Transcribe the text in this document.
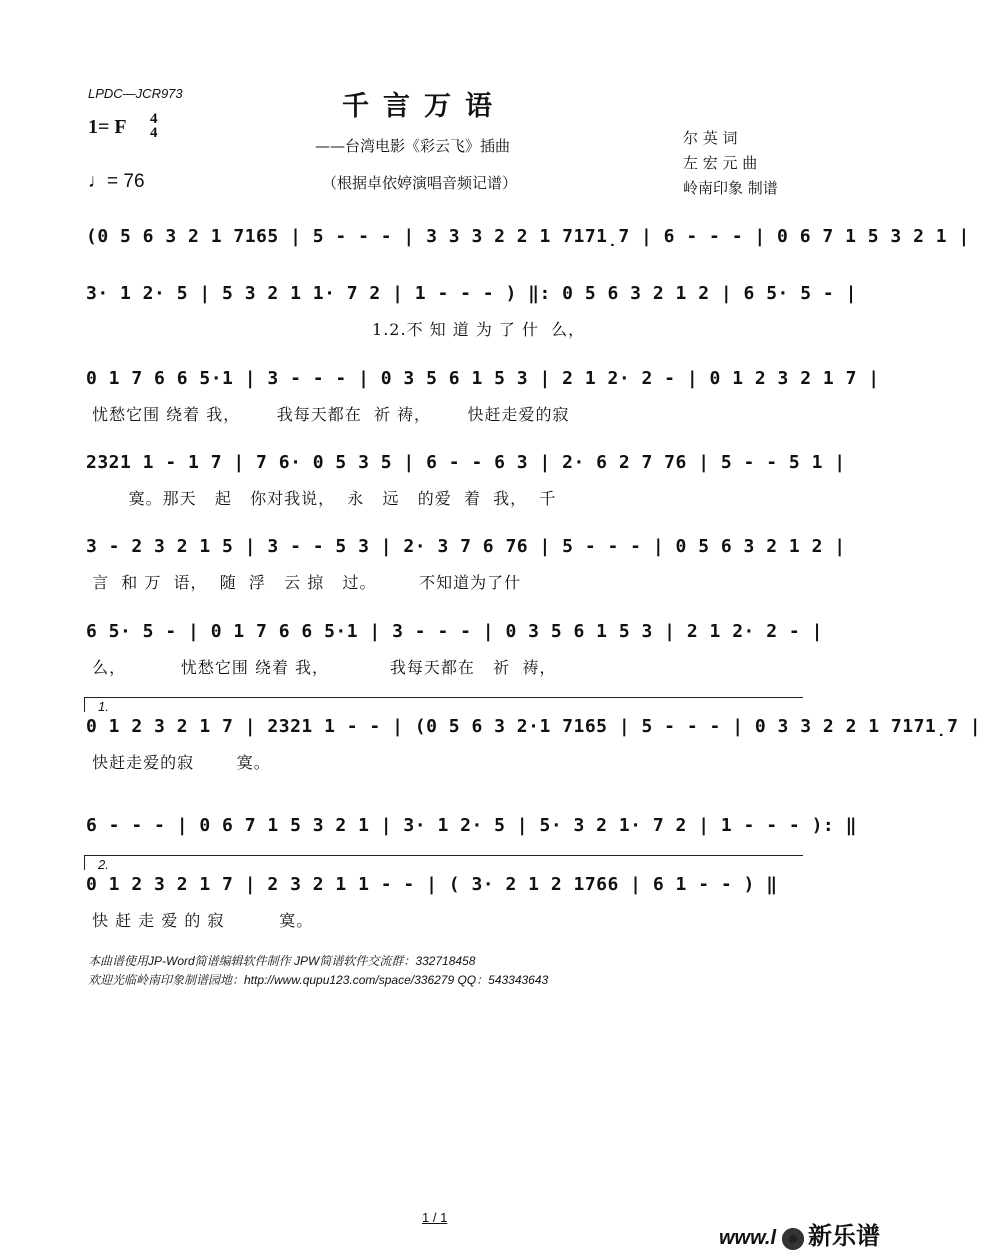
LPDC—JCR973	千言万语
1= F 4
4
——台湾电影《彩云飞》插曲
（根据卓依婷演唱音频记谱）
♩= 76
尔 英 词
左 宏 元 曲
岭南印象 制谱
(0 5 6 3 2 1 7165 | 5 - - - | 3 3 3 2 2 1 7171̣7 | 6 - - - | 0 6 7 1 5 3 2 1 |
3· 1 2· 5 | 5 3 2 1 1· 7 2 | 1 - - - ) ‖: 0 5 6 3 2 1 2 | 6 5· 5 - |
1.2.不 知 道 为 了 什  么，
0 1 7 6 6 5·1 | 3 - - - | 0 3 5 6 1 5 3 | 2 1 2· 2 - | 0 1 2 3 2 1 7 |
忧愁它围 绕着 我，      我每天都在  祈 祷，      快赶走爱的寂
2321 1 - 1 7 | 7 6· 0 5 3 5 | 6 - - 6 3 | 2· 6 2 7 76 | 5 - - 5 1 |
寞。那天   起   你对我说，  永   远   的爱  着  我，  千
3 - 2 3 2 1 5 | 3 - - 5 3 | 2· 3 7 6 76 | 5 - - - | 0 5 6 3 2 1 2 |
言  和 万  语，  随  浮   云 掠   过。       不知道为了什
6 5· 5 - | 0 1 7 6 6 5·1 | 3 - - - | 0 3 5 6 1 5 3 | 2 1 2· 2 - |
么，         忧愁它围 绕着 我，          我每天都在   祈  祷，
0 1 2 3 2 1 7 | 2321 1 - - | (0 5 6 3 2·1 7165 | 5 - - - | 0 3 3 2 2 1 7171̣7 |
快赶走爱的寂       寞。
6 - - - | 0 6 7 1 5 3 2 1 | 3· 1 2· 5 | 5· 3 2 1· 7 2 | 1 - - - ): ‖
0 1 2 3 2 1 7 | 2 3 2 1 1 - - | ( 3· 2 1 2 1766 | 6 1 - - ) ‖
快 赶 走 爱 的 寂         寞。
1.
2.
本曲谱使用JP-Word简谱编辑软件制作 JPW简谱软件交流群：332718458
欢迎光临岭南印象制谱园地：http://www.qupu123.com/space/336279 QQ：543343643
1 / 1
www.l 新乐谱
